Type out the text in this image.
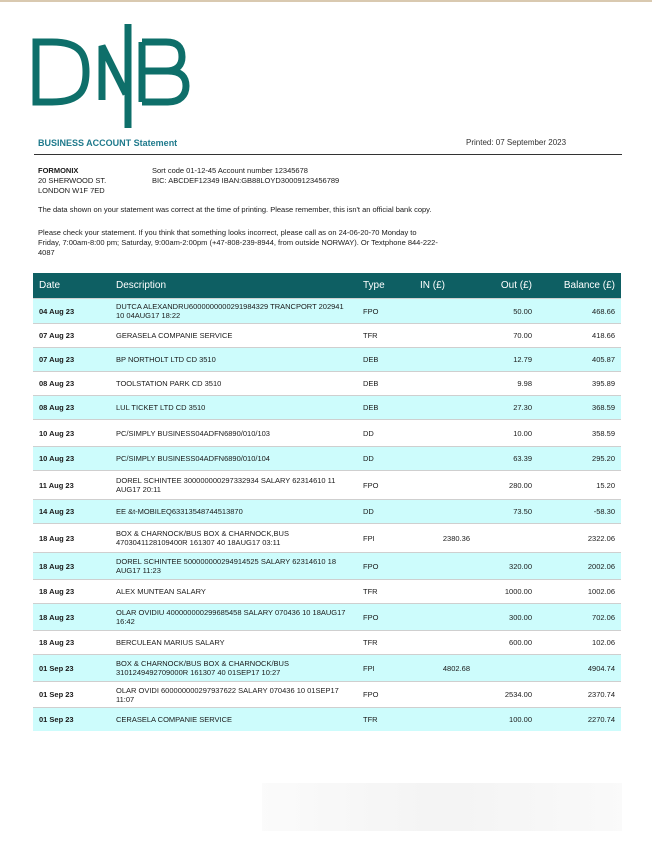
BUSINESS ACCOUNT Statement	Printed: 07 September 2023
FORMONIX
20 SHERWOOD ST.
LONDON W1F 7ED
Sort code 01-12-45 Account number 12345678
BIC: ABCDEF12349 IBAN:GB88LOYD30009123456789
The data shown on your statement was correct at the time of printing. Please remember, this isn't an official bank copy.
Please check your statement. If you think that something looks incorrect, please call as on 24-06-20-70 Monday to Friday, 7:00am-8:00 pm; Saturday, 9:00am-2:00pm (+47-808-239-8944, from outside NORWAY). Or Textphone 844-222-4087
Date	Description	Type	IN (£)	Out (£)	Balance (£)
04 Aug 23	DUTCA ALEXANDRU6000000000291984329 TRANCPORT 202941 10 04AUG17 18:22	FPO		50.00	468.66
07 Aug 23	GERASELA COMPANIE SERVICE	TFR		70.00	418.66
07 Aug 23	BP NORTHOLT LTD CD 3510	DEB		12.79	405.87
08 Aug 23	TOOLSTATION PARK CD 3510	DEB		9.98	395.89
08 Aug 23	LUL TICKET LTD CD 3510	DEB		27.30	368.59
10 Aug 23	PC/SIMPLY BUSINESS04ADFN6890/010/103	DD		10.00	358.59
10 Aug 23	PC/SIMPLY BUSINESS04ADFN6890/010/104	DD		63.39	295.20
11 Aug 23	DOREL SCHINTEE 300000000297332934 SALARY 62314610 11 AUG17 20:11	FPO		280.00	15.20
14 Aug 23	EE &t-MOBILEQ63313548744513870	DD		73.50	-58.30
18 Aug 23	BOX & CHARNOCK/BUS BOX & CHARNOCK,BUS 4703041128109400R 161307 40 18AUG17 03:11	FPI	2380.36		2322.06
18 Aug 23	DOREL SCHINTEE 500000000294914525 SALARY 62314610 18 AUG17 11:23	FPO		320.00	2002.06
18 Aug 23	ALEX MUNTEAN SALARY	TFR		1000.00	1002.06
18 Aug 23	OLAR OVIDIU 400000000299685458 SALARY 070436 10 18AUG17 16:42	FPO		300.00	702.06
18 Aug 23	BERCULEAN MARIUS SALARY	TFR		600.00	102.06
01 Sep 23	BOX & CHARNOCK/BUS BOX & CHARNOCK/BUS 3101249492709000R 161307 40 01SEP17 10:27	FPI	4802.68		4904.74
01 Sep 23	OLAR OVIDI 600000000297937622 SALARY 070436 10 01SEP17 11:07	FPO		2534.00	2370.74
01 Sep 23	CERASELA COMPANIE SERVICE	TFR		100.00	2270.74
